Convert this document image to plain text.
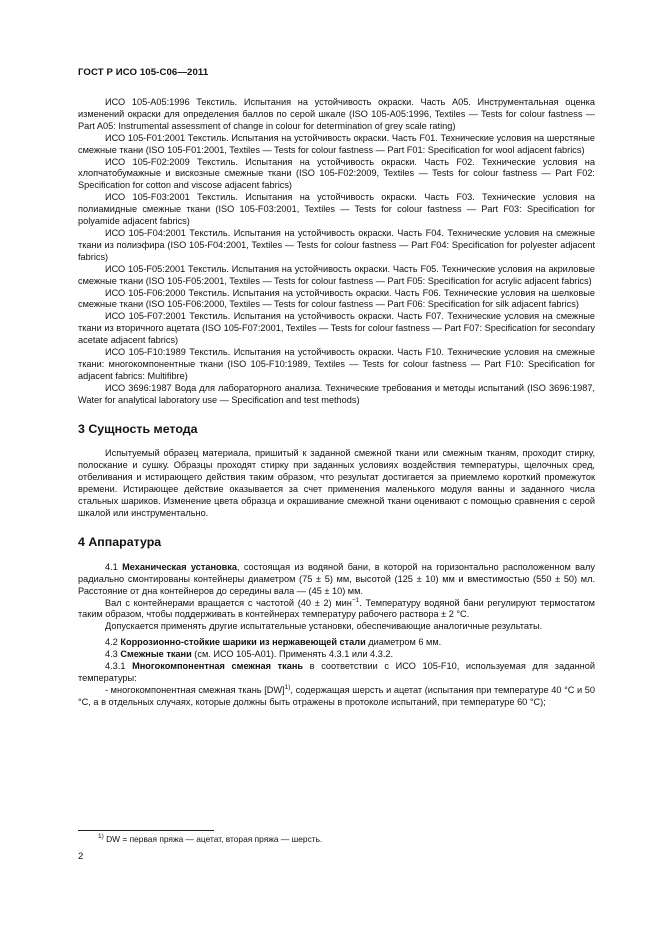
ГОСТ Р ИСО 105-С06—2011

ИСО 105-A05:1996 Текстиль. Испытания на устойчивость окраски. Часть А05. Инструментальная оценка изменений окраски для определения баллов по серой шкале (ISO 105-A05:1996, Textiles — Tests for colour fastness — Part A05: Instrumental assessment of change in colour for determination of grey scale rating)

ИСО 105-F01:2001 Текстиль. Испытания на устойчивость окраски. Часть F01. Технические условия на шерстяные смежные ткани (ISO 105-F01:2001, Textiles — Tests for colour fastness — Part F01: Specification for wool adjacent fabrics)

ИСО 105-F02:2009 Текстиль. Испытания на устойчивость окраски. Часть F02. Технические условия на хлопчатобумажные и вискозные смежные ткани (ISO 105-F02:2009, Textiles — Tests for colour fastness — Part F02: Specification for cotton and viscose adjacent fabrics)

ИСО 105-F03:2001 Текстиль. Испытания на устойчивость окраски. Часть F03. Технические условия на полиамидные смежные ткани (ISO 105-F03:2001, Textiles — Tests for colour fastness — Part F03: Specification for polyamide adjacent fabrics)

ИСО 105-F04:2001 Текстиль. Испытания на устойчивость окраски. Часть F04. Технические условия на смежные ткани из полиэфира (ISO 105-F04:2001, Textiles — Tests for colour fastness — Part F04: Specification for polyester adjacent fabrics)

ИСО 105-F05:2001 Текстиль. Испытания на устойчивость окраски. Часть F05. Технические условия на акриловые смежные ткани (ISO 105-F05:2001, Textiles — Tests for colour fastness — Part F05: Specification for acrylic adjacent fabrics)

ИСО 105-F06:2000 Текстиль. Испытания на устойчивость окраски. Часть F06. Технические условия на шелковые смежные ткани (ISO 105-F06:2000, Textiles — Tests for colour fastness — Part F06: Specification for silk adjacent fabrics)

ИСО 105-F07:2001 Текстиль. Испытания на устойчивость окраски. Часть F07. Технические условия на смежные ткани из вторичного ацетата (ISO 105-F07:2001, Textiles — Tests for colour fastness — Part F07: Specification for secondary acetate adjacent fabrics)

ИСО 105-F10:1989 Текстиль. Испытания на устойчивость окраски. Часть F10. Технические условия на смежные ткани: многокомпонентные ткани (ISO 105-F10:1989, Textiles — Tests for colour fastness — Part F10: Specification for adjacent fabrics: Multifibre)

ИСО 3696:1987 Вода для лабораторного анализа. Технические требования и методы испытаний (ISO 3696:1987, Water for analytical laboratory use — Specification and test methods)

3 Сущность метода

Испытуемый образец материала, пришитый к заданной смежной ткани или смежным тканям, проходит стирку, полоскание и сушку. Образцы проходят стирку при заданных условиях воздействия температуры, щелочных сред, отбеливания и истирающего действия таким образом, что результат достигается за приемлемо короткий промежуток времени. Истирающее действие оказывается за счет применения маленького модуля ванны и заданного числа стальных шариков. Изменение цвета образца и окрашивание смежной ткани оценивают с помощью сравнения с серой шкалой или инструментально.

4 Аппаратура

4.1 Механическая установка, состоящая из водяной бани, в которой на горизонтально расположенном валу радиально смонтированы контейнеры диаметром (75 ± 5) мм, высотой (125 ± 10) мм и вместимостью (550 ± 50) мл. Расстояние от дна контейнеров до середины вала — (45 ± 10) мм.

Вал с контейнерами вращается с частотой (40 ± 2) мин$^{-1}$. Температуру водяной бани регулируют термостатом таким образом, чтобы поддерживать в контейнерах температуру рабочего раствора ± 2 °С.

Допускается применять другие испытательные установки, обеспечивающие аналогичные результаты.

4.2 Коррозионно-стойкие шарики из нержавеющей стали диаметром 6 мм.

4.3 Смежные ткани (см. ИСО 105-А01). Применять 4.3.1 или 4.3.2.

4.3.1 Многокомпонентная смежная ткань в соответствии с ИСО 105-F10, используемая для заданной температуры:

- многокомпонентная смежная ткань [DW]$^{1)}$, содержащая шерсть и ацетат (испытания при температуре 40 °С и 50 °С, а в отдельных случаях, которые должны быть отражены в протоколе испытаний, при температуре 60 °С);

$^{1)}$ DW = первая пряжа — ацетат, вторая пряжа — шерсть.
2
